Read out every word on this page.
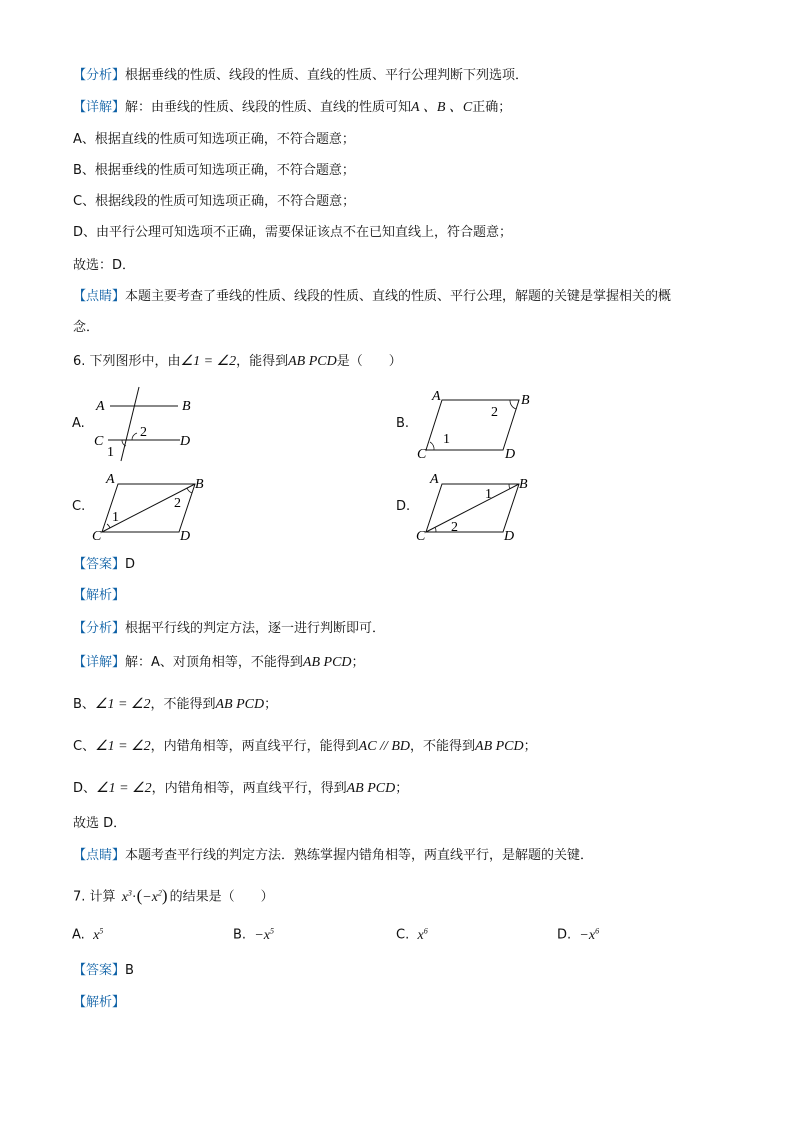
【分析】根据垂线的性质、线段的性质、直线的性质、平行公理判断下列选项．
【详解】解：由垂线的性质、线段的性质、直线的性质可知A 、B 、C正确；
A、根据直线的性质可知选项正确，不符合题意；
B、根据垂线的性质可知选项正确，不符合题意；
C、根据线段的性质可知选项正确，不符合题意；
D、由平行公理可知选项不正确，需要保证该点不在已知直线上，符合题意；
故选：D．
【点睛】本题主要考查了垂线的性质、线段的性质、直线的性质、平行公理，解题的关键是掌握相关的概
念．
6. 下列图形中，由∠1 = ∠2，能得到AB PCD是（　　）
A.	B.
C.	D.
A	B
C	D
2
1
A	B
C	D
1
2
A	B
C	D
1
2
A	B
C	D
1
2
【答案】D
【解析】
【分析】根据平行线的判定方法，逐一进行判断即可．
【详解】解：A、对顶角相等，不能得到AB PCD；
B、∠1 = ∠2，不能得到AB PCD；
C、∠1 = ∠2，内错角相等，两直线平行，能得到AC // BD，不能得到AB PCD；
D、∠1 = ∠2，内错角相等，两直线平行，得到AB PCD；
故选 D．
【点睛】本题考查平行线的判定方法．熟练掌握内错角相等，两直线平行，是解题的关键．
7. 计算 $x^3\cdot(-x^2)$ 的结果是（　　）
A. $x^5$	B. $-x^5$	C. $x^6$	D. $-x^6$
【答案】B
【解析】
